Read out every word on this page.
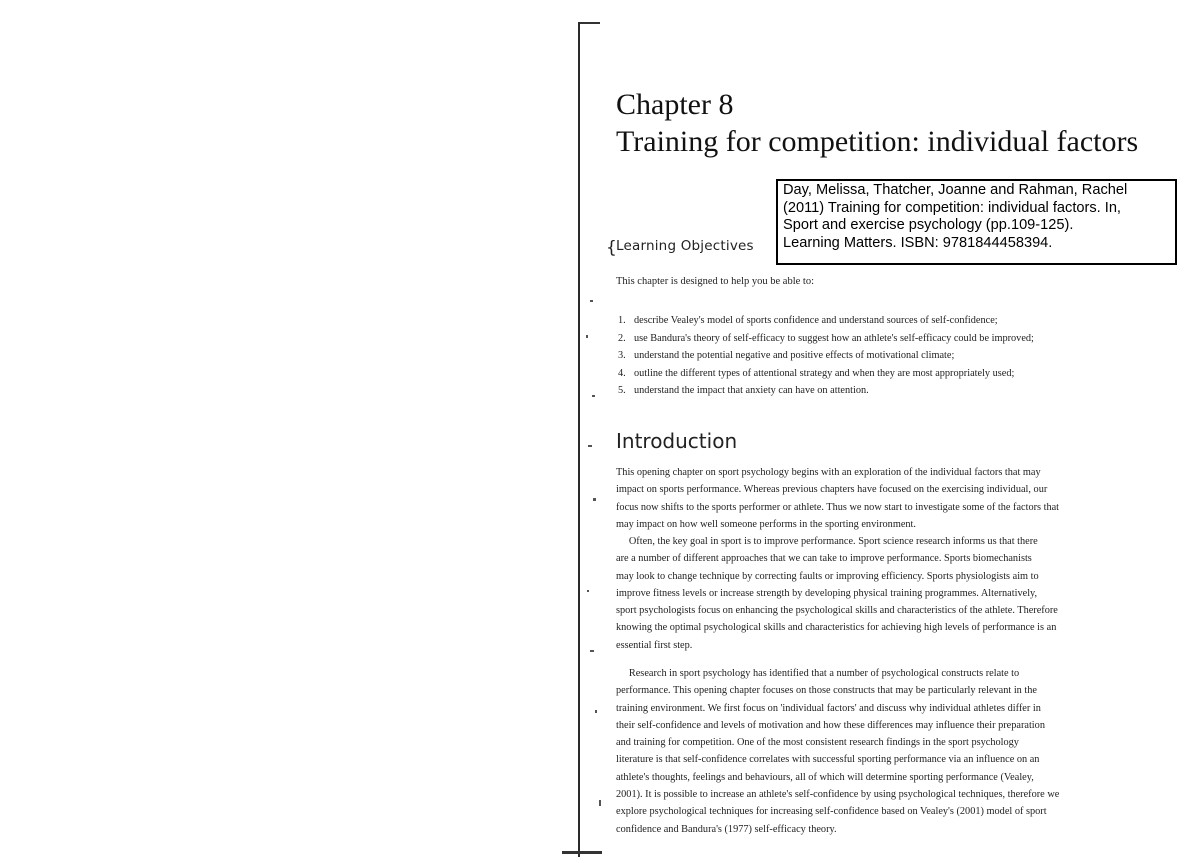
Chapter 8
Training for competition: individual factors
Day, Melissa, Thatcher, Joanne and Rahman, Rachel
(2011) Training for competition: individual factors. In,
Sport and exercise psychology (pp.109-125).
Learning Matters. ISBN: 9781844458394.
{ Learning Objectives
This chapter is designed to help you be able to:
1. describe Vealey's model of sports confidence and understand sources of self-confidence;
2. use Bandura's theory of self-efficacy to suggest how an athlete's self-efficacy could be improved;
3. understand the potential negative and positive effects of motivational climate;
4. outline the different types of attentional strategy and when they are most appropriately used;
5. understand the impact that anxiety can have on attention.
Introduction
This opening chapter on sport psychology begins with an exploration of the individual factors that may
impact on sports performance. Whereas previous chapters have focused on the exercising individual, our
focus now shifts to the sports performer or athlete. Thus we now start to investigate some of the factors that
may impact on how well someone performs in the sporting environment.
Often, the key goal in sport is to improve performance. Sport science research informs us that there
are a number of different approaches that we can take to improve performance. Sports biomechanists
may look to change technique by correcting faults or improving efficiency. Sports physiologists aim to
improve fitness levels or increase strength by developing physical training programmes. Alternatively,
sport psychologists focus on enhancing the psychological skills and characteristics of the athlete. Therefore
knowing the optimal psychological skills and characteristics for achieving high levels of performance is an
essential first step.
Research in sport psychology has identified that a number of psychological constructs relate to
performance. This opening chapter focuses on those constructs that may be particularly relevant in the
training environment. We first focus on 'individual factors' and discuss why individual athletes differ in
their self-confidence and levels of motivation and how these differences may influence their preparation
and training for competition. One of the most consistent research findings in the sport psychology
literature is that self-confidence correlates with successful sporting performance via an influence on an
athlete's thoughts, feelings and behaviours, all of which will determine sporting performance (Vealey,
2001). It is possible to increase an athlete's self-confidence by using psychological techniques, therefore we
explore psychological techniques for increasing self-confidence based on Vealey's (2001) model of sport
confidence and Bandura's (1977) self-efficacy theory.
